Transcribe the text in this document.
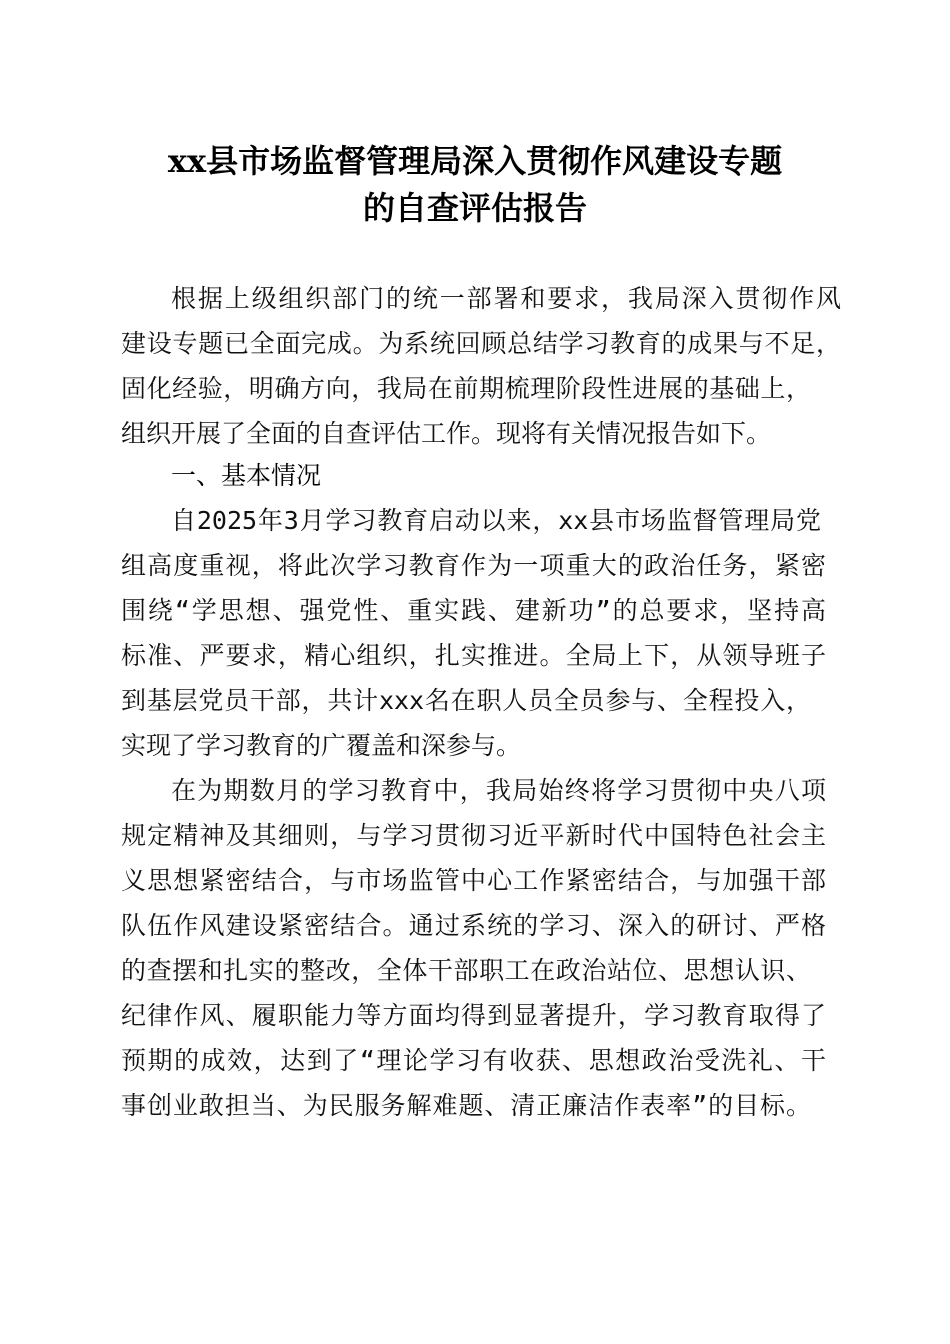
xx县市场监督管理局深入贯彻作风建设专题
的自查评估报告
根据上级组织部门的统一部署和要求，我局深入贯彻作风
建设专题已全面完成。为系统回顾总结学习教育的成果与不足，
固化经验，明确方向，我局在前期梳理阶段性进展的基础上，
组织开展了全面的自查评估工作。现将有关情况报告如下。
一、基本情况
自2025年3月学习教育启动以来，xx县市场监督管理局党
组高度重视，将此次学习教育作为一项重大的政治任务，紧密
围绕“学思想、强党性、重实践、建新功”的总要求，坚持高
标准、严要求，精心组织，扎实推进。全局上下，从领导班子
到基层党员干部，共计xxx名在职人员全员参与、全程投入，
实现了学习教育的广覆盖和深参与。
在为期数月的学习教育中，我局始终将学习贯彻中央八项
规定精神及其细则，与学习贯彻习近平新时代中国特色社会主
义思想紧密结合，与市场监管中心工作紧密结合，与加强干部
队伍作风建设紧密结合。通过系统的学习、深入的研讨、严格
的查摆和扎实的整改，全体干部职工在政治站位、思想认识、
纪律作风、履职能力等方面均得到显著提升，学习教育取得了
预期的成效，达到了“理论学习有收获、思想政治受洗礼、干
事创业敢担当、为民服务解难题、清正廉洁作表率”的目标。
